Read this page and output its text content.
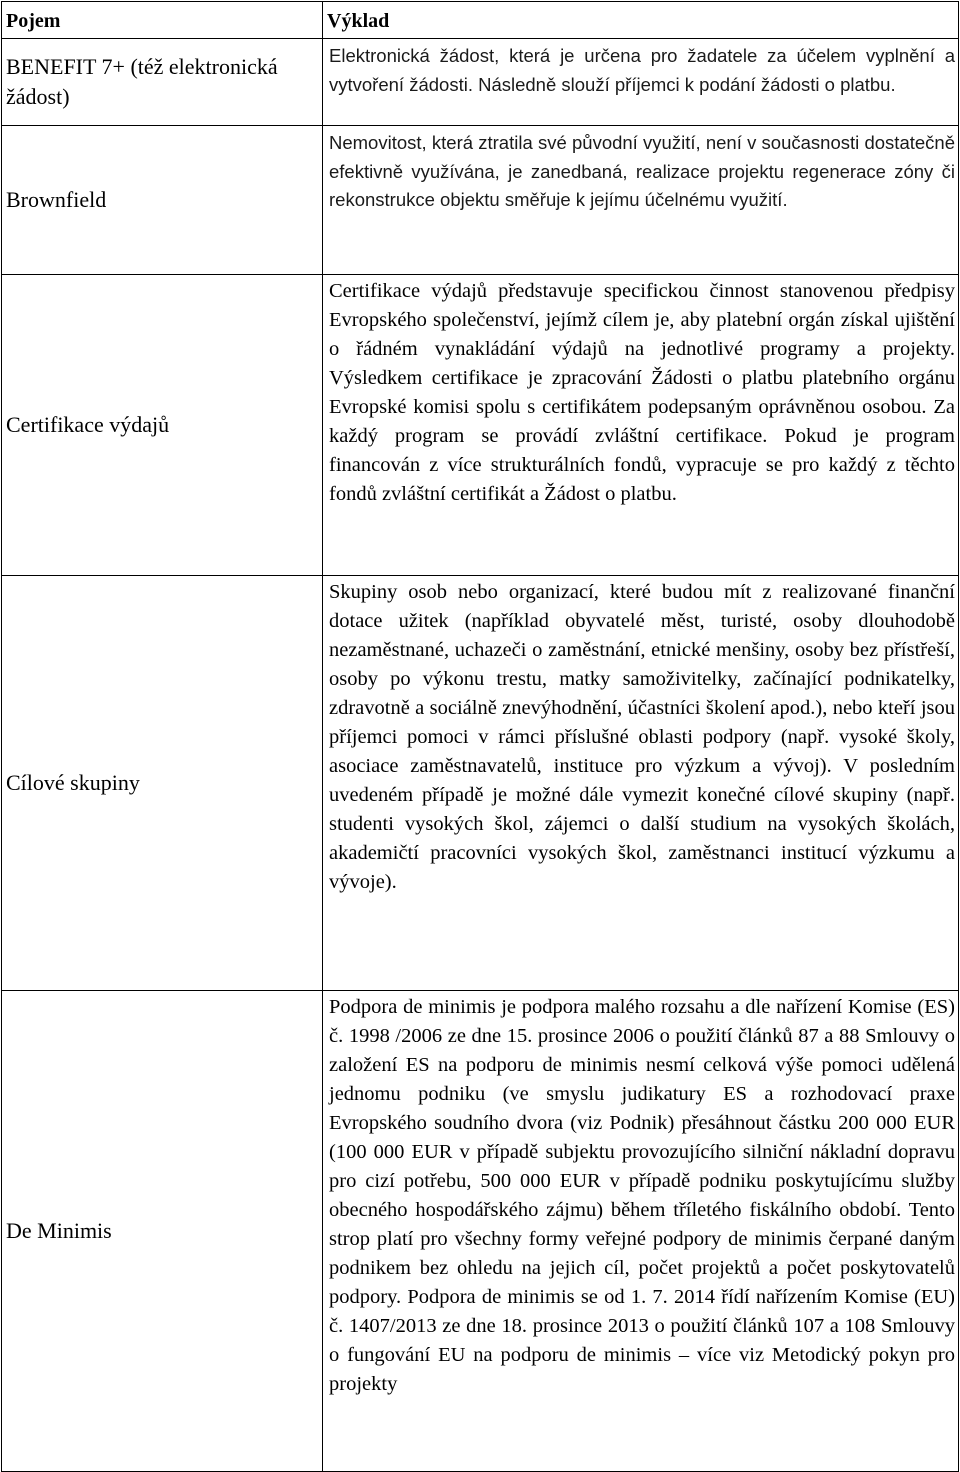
Pojem	Výklad
BENEFIT 7+ (též elektronická žádost)	Elektronická žádost, která je určena pro žadatele za účelem vyplnění a vytvoření žádosti. Následně slouží příjemci k podání žádosti o platbu.

Brownfield	Nemovitost, která ztratila své původní využití, není v současnosti dostatečně efektivně využívána, je zanedbaná, realizace projektu regenerace zóny či rekonstrukce objektu směřuje k jejímu účelnému využití.

Certifikace výdajů	Certifikace výdajů představuje specifickou činnost stanovenou předpisy Evropského společenství, jejímž cílem je, aby platební orgán získal ujištění o řádném vynakládání výdajů na jednotlivé programy a projekty. Výsledkem certifikace je zpracování Žádosti o platbu platebního orgánu Evropské komisi spolu s certifikátem podepsaným oprávněnou osobou. Za každý program se provádí zvláštní certifikace. Pokud je program financován z více strukturálních fondů, vypracuje se pro každý z těchto fondů zvláštní certifikát a Žádost o platbu.

Cílové skupiny	Skupiny osob nebo organizací, které budou mít z realizované finanční dotace užitek (například obyvatelé měst, turisté, osoby dlouhodobě nezaměstnané, uchazeči o zaměstnání, etnické menšiny, osoby bez přístřeší, osoby po výkonu trestu, matky samoživitelky, začínající podnikatelky, zdravotně a sociálně znevýhodnění, účastníci školení apod.), nebo kteří jsou příjemci pomoci v rámci příslušné oblasti podpory (např. vysoké školy, asociace zaměstnavatelů, instituce pro výzkum a vývoj). V posledním uvedeném případě je možné dále vymezit konečné cílové skupiny (např. studenti vysokých škol, zájemci o další studium na vysokých školách, akademičtí pracovníci vysokých škol, zaměstnanci institucí výzkumu a vývoje).

De Minimis	Podpora de minimis je podpora malého rozsahu a dle nařízení Komise (ES) č. 1998 /2006 ze dne 15. prosince 2006 o použití článků 87 a 88 Smlouvy o založení ES na podporu de minimis nesmí celková výše pomoci udělená jednomu podniku (ve smyslu judikatury ES a rozhodovací praxe Evropského soudního dvora (viz Podnik) přesáhnout částku 200 000 EUR (100 000 EUR v případě subjektu provozujícího silniční nákladní dopravu pro cizí potřebu, 500 000 EUR v případě podniku poskytujícímu služby obecného hospodářského zájmu) během tříletého fiskálního období. Tento strop platí pro všechny formy veřejné podpory de minimis čerpané daným podnikem bez ohledu na jejich cíl, počet projektů a počet poskytovatelů podpory. Podpora de minimis se od 1. 7. 2014 řídí nařízením Komise (EU) č. 1407/2013 ze dne 18. prosince 2013 o použití článků 107 a 108 Smlouvy o fungování EU na podporu de minimis – více viz Metodický pokyn pro projekty
